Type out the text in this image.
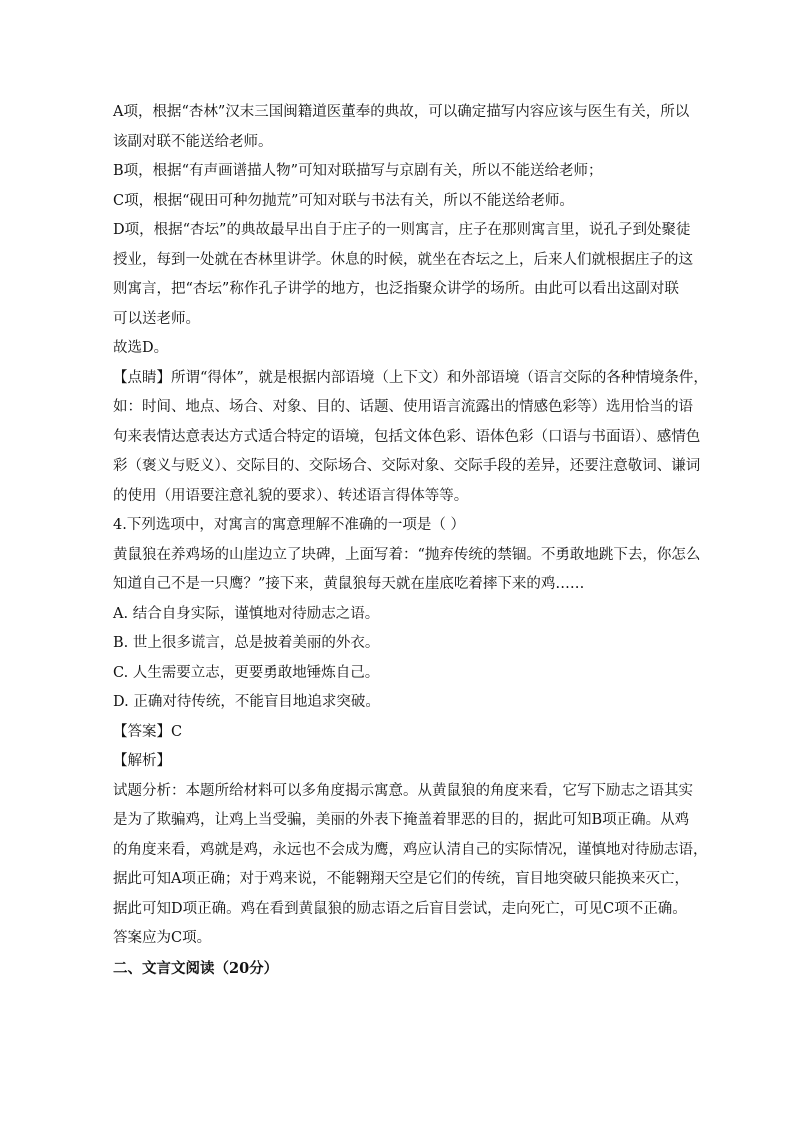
A项，根据“杏林”汉末三国闽籍道医董奉的典故，可以确定描写内容应该与医生有关，所以

该副对联不能送给老师。

B项，根据“有声画谱描人物”可知对联描写与京剧有关，所以不能送给老师；

C项，根据“砚田可种勿抛荒”可知对联与书法有关，所以不能送给老师。

D项，根据“杏坛”的典故最早出自于庄子的一则寓言，庄子在那则寓言里，说孔子到处聚徒

授业，每到一处就在杏林里讲学。休息的时候，就坐在杏坛之上，后来人们就根据庄子的这

则寓言，把“杏坛”称作孔子讲学的地方，也泛指聚众讲学的场所。由此可以看出这副对联

可以送老师。

故选D。

【点睛】所谓“得体”，就是根据内部语境（上下文）和外部语境（语言交际的各种情境条件，

如：时间、地点、场合、对象、目的、话题、使用语言流露出的情感色彩等）选用恰当的语

句来表情达意表达方式适合特定的语境，包括文体色彩、语体色彩（口语与书面语）、感情色

彩（褒义与贬义）、交际目的、交际场合、交际对象、交际手段的差异，还要注意敬词、谦词

的使用（用语要注意礼貌的要求）、转述语言得体等等。

4.下列选项中，对寓言的寓意理解不准确的一项是（ ）

黄鼠狼在养鸡场的山崖边立了块碑，上面写着：“抛弃传统的禁锢。不勇敢地跳下去，你怎么

知道自己不是一只鹰？”接下来，黄鼠狼每天就在崖底吃着摔下来的鸡……

A. 结合自身实际，谨慎地对待励志之语。

B. 世上很多谎言，总是披着美丽的外衣。

C. 人生需要立志，更要勇敢地锤炼自己。

D. 正确对待传统，不能盲目地追求突破。

【答案】C

【解析】

试题分析：本题所给材料可以多角度揭示寓意。从黄鼠狼的角度来看，它写下励志之语其实

是为了欺骗鸡，让鸡上当受骗，美丽的外表下掩盖着罪恶的目的，据此可知B项正确。从鸡

的角度来看，鸡就是鸡，永远也不会成为鹰，鸡应认清自己的实际情况，谨慎地对待励志语，

据此可知A项正确；对于鸡来说，不能翱翔天空是它们的传统，盲目地突破只能换来灭亡，

据此可知D项正确。鸡在看到黄鼠狼的励志语之后盲目尝试，走向死亡，可见C项不正确。

答案应为C项。

二、文言文阅读（20分）
